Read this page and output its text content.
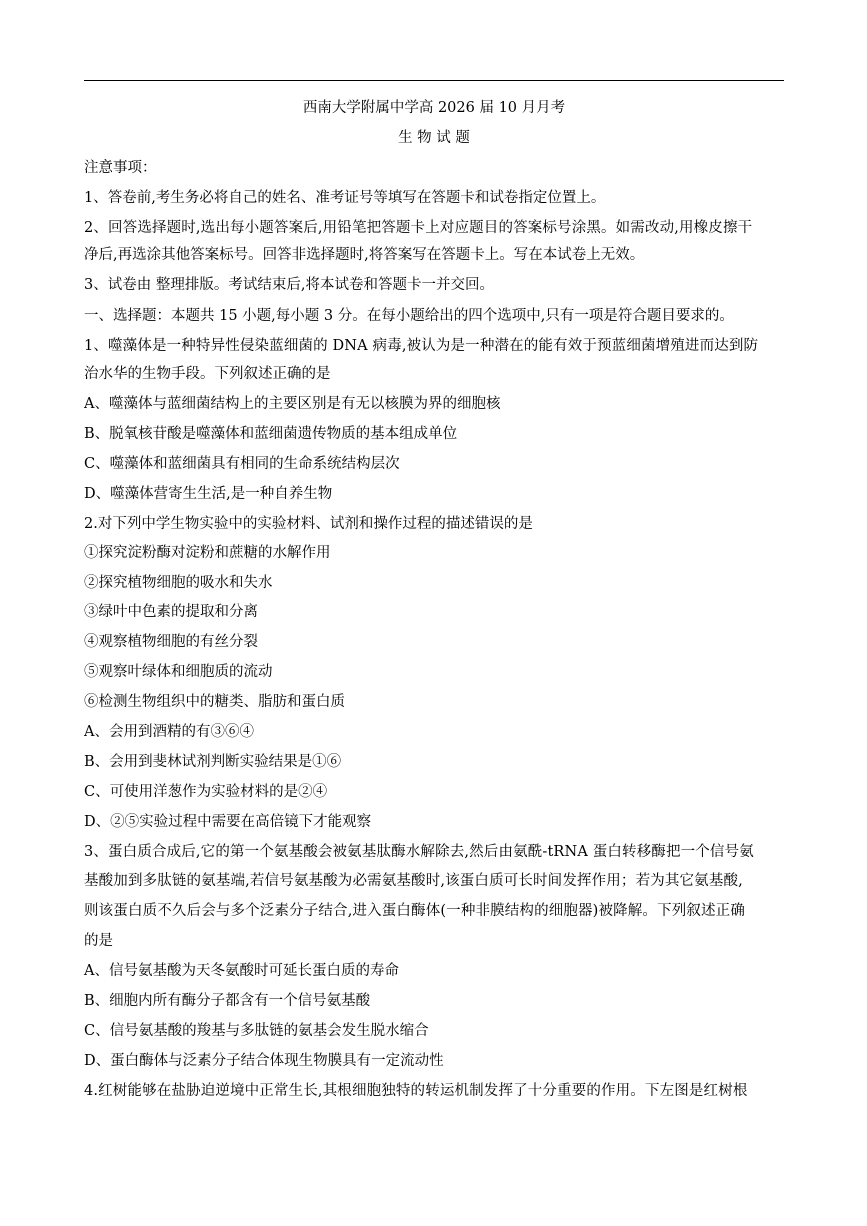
西南大学附属中学高 2026 届 10 月月考
生 物 试 题
注意事项：
1、答卷前,考生务必将自己的姓名、准考证号等填写在答题卡和试卷指定位置上。
2、回答选择题时,选出每小题答案后,用铅笔把答题卡上对应题目的答案标号涂黑。如需改动,用橡皮擦干
净后,再选涂其他答案标号。回答非选择题时,将答案写在答题卡上。写在本试卷上无效。
3、试卷由 整理排版。考试结束后,将本试卷和答题卡一并交回。
一、选择题：本题共 15 小题,每小题 3 分。在每小题给出的四个选项中,只有一项是符合题目要求的。
1、噬藻体是一种特异性侵染蓝细菌的 DNA 病毒,被认为是一种潜在的能有效于预蓝细菌增殖进而达到防
治水华的生物手段。下列叙述正确的是
A、噬藻体与蓝细菌结构上的主要区别是有无以核膜为界的细胞核
B、脱氧核苷酸是噬藻体和蓝细菌遗传物质的基本组成单位
C、噬藻体和蓝细菌具有相同的生命系统结构层次
D、噬藻体营寄生生活,是一种自养生物
2.对下列中学生物实验中的实验材料、试剂和操作过程的描述错误的是
①探究淀粉酶对淀粉和蔗糖的水解作用
②探究植物细胞的吸水和失水
③绿叶中色素的提取和分离
④观察植物细胞的有丝分裂
⑤观察叶绿体和细胞质的流动
⑥检测生物组织中的糖类、脂肪和蛋白质
A、会用到酒精的有③⑥④
B、会用到斐林试剂判断实验结果是①⑥
C、可使用洋葱作为实验材料的是②④
D、②⑤实验过程中需要在高倍镜下才能观察
3、蛋白质合成后,它的第一个氨基酸会被氨基肽酶水解除去,然后由氨酰-tRNA 蛋白转移酶把一个信号氨
基酸加到多肽链的氨基端,若信号氨基酸为必需氨基酸时,该蛋白质可长时间发挥作用；若为其它氨基酸,
则该蛋白质不久后会与多个泛素分子结合,进入蛋白酶体(一种非膜结构的细胞器)被降解。下列叙述正确
的是
A、信号氨基酸为天冬氨酸时可延长蛋白质的寿命
B、细胞内所有酶分子都含有一个信号氨基酸
C、信号氨基酸的羧基与多肽链的氨基会发生脱水缩合
D、蛋白酶体与泛素分子结合体现生物膜具有一定流动性
4.红树能够在盐胁迫逆境中正常生长,其根细胞独特的转运机制发挥了十分重要的作用。下左图是红树根
